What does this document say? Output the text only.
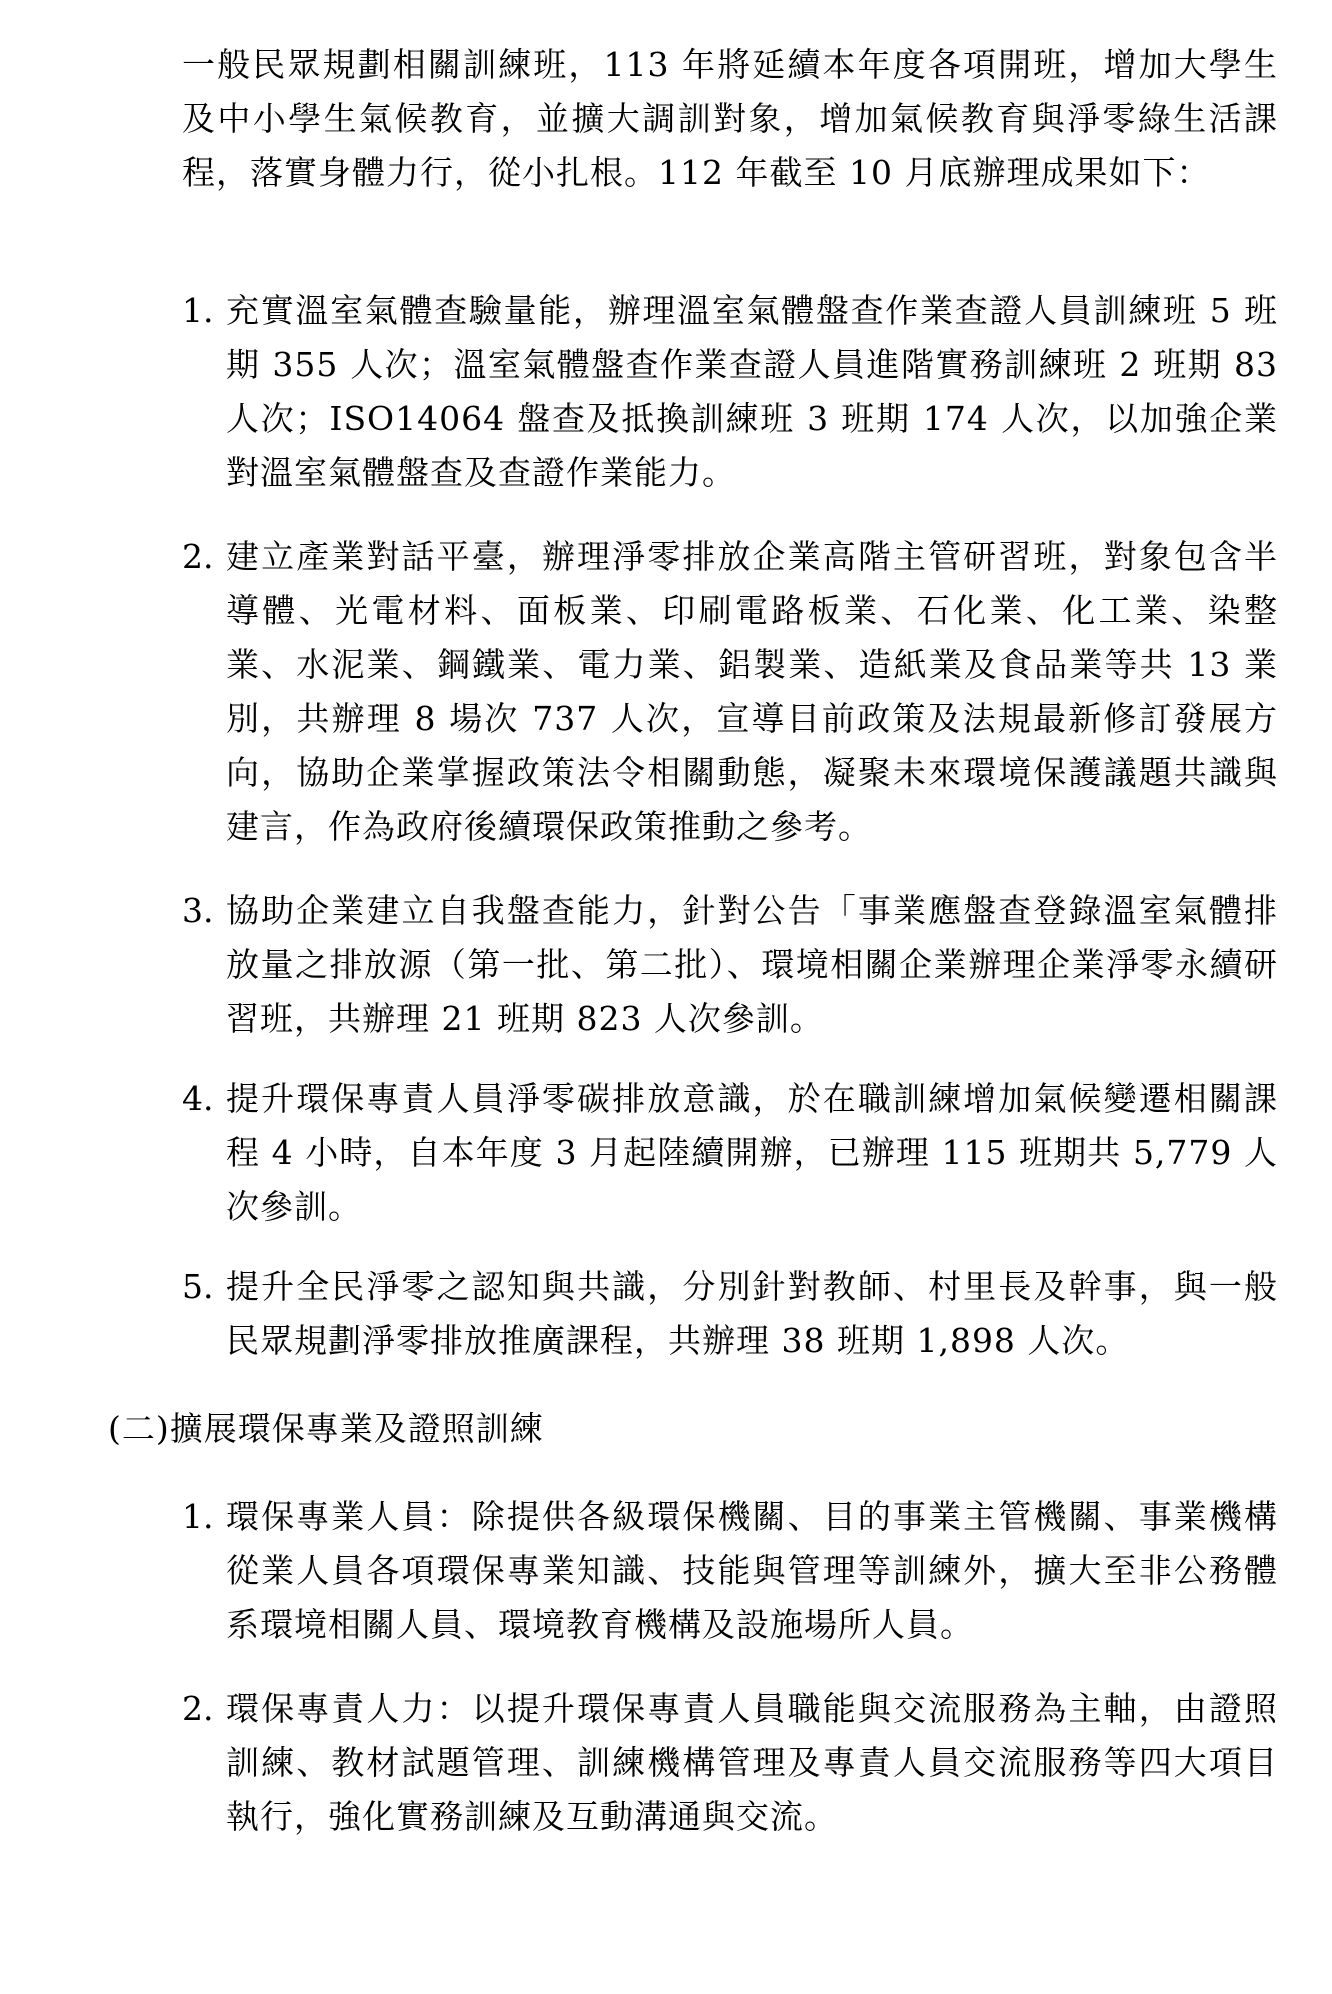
一般民眾規劃相關訓練班，113 年將延續本年度各項開班，增加大學生及中小學生氣候教育，並擴大調訓對象，增加氣候教育與淨零綠生活課程，落實身體力行，從小扎根。112 年截至 10 月底辦理成果如下：

1. 充實溫室氣體查驗量能，辦理溫室氣體盤查作業查證人員訓練班 5 班期 355 人次；溫室氣體盤查作業查證人員進階實務訓練班 2 班期 83 人次；ISO14064 盤查及抵換訓練班 3 班期 174 人次，以加強企業對溫室氣體盤查及查證作業能力。

2. 建立產業對話平臺，辦理淨零排放企業高階主管研習班，對象包含半導體、光電材料、面板業、印刷電路板業、石化業、化工業、染整業、水泥業、鋼鐵業、電力業、鋁製業、造紙業及食品業等共 13 業別，共辦理 8 場次 737 人次，宣導目前政策及法規最新修訂發展方向，協助企業掌握政策法令相關動態，凝聚未來環境保護議題共識與建言，作為政府後續環保政策推動之參考。

3. 協助企業建立自我盤查能力，針對公告「事業應盤查登錄溫室氣體排放量之排放源（第一批、第二批）、環境相關企業辦理企業淨零永續研習班，共辦理 21 班期 823 人次參訓。

4. 提升環保專責人員淨零碳排放意識，於在職訓練增加氣候變遷相關課程 4 小時，自本年度 3 月起陸續開辦，已辦理 115 班期共 5,779 人次參訓。

5. 提升全民淨零之認知與共識，分別針對教師、村里長及幹事，與一般民眾規劃淨零排放推廣課程，共辦理 38 班期 1,898 人次。

(二)擴展環保專業及證照訓練
1. 環保專業人員：除提供各級環保機關、目的事業主管機關、事業機構從業人員各項環保專業知識、技能與管理等訓練外，擴大至非公務體系環境相關人員、環境教育機構及設施場所人員。

2. 環保專責人力：以提升環保專責人員職能與交流服務為主軸，由證照訓練、教材試題管理、訓練機構管理及專責人員交流服務等四大項目執行，強化實務訓練及互動溝通與交流。
